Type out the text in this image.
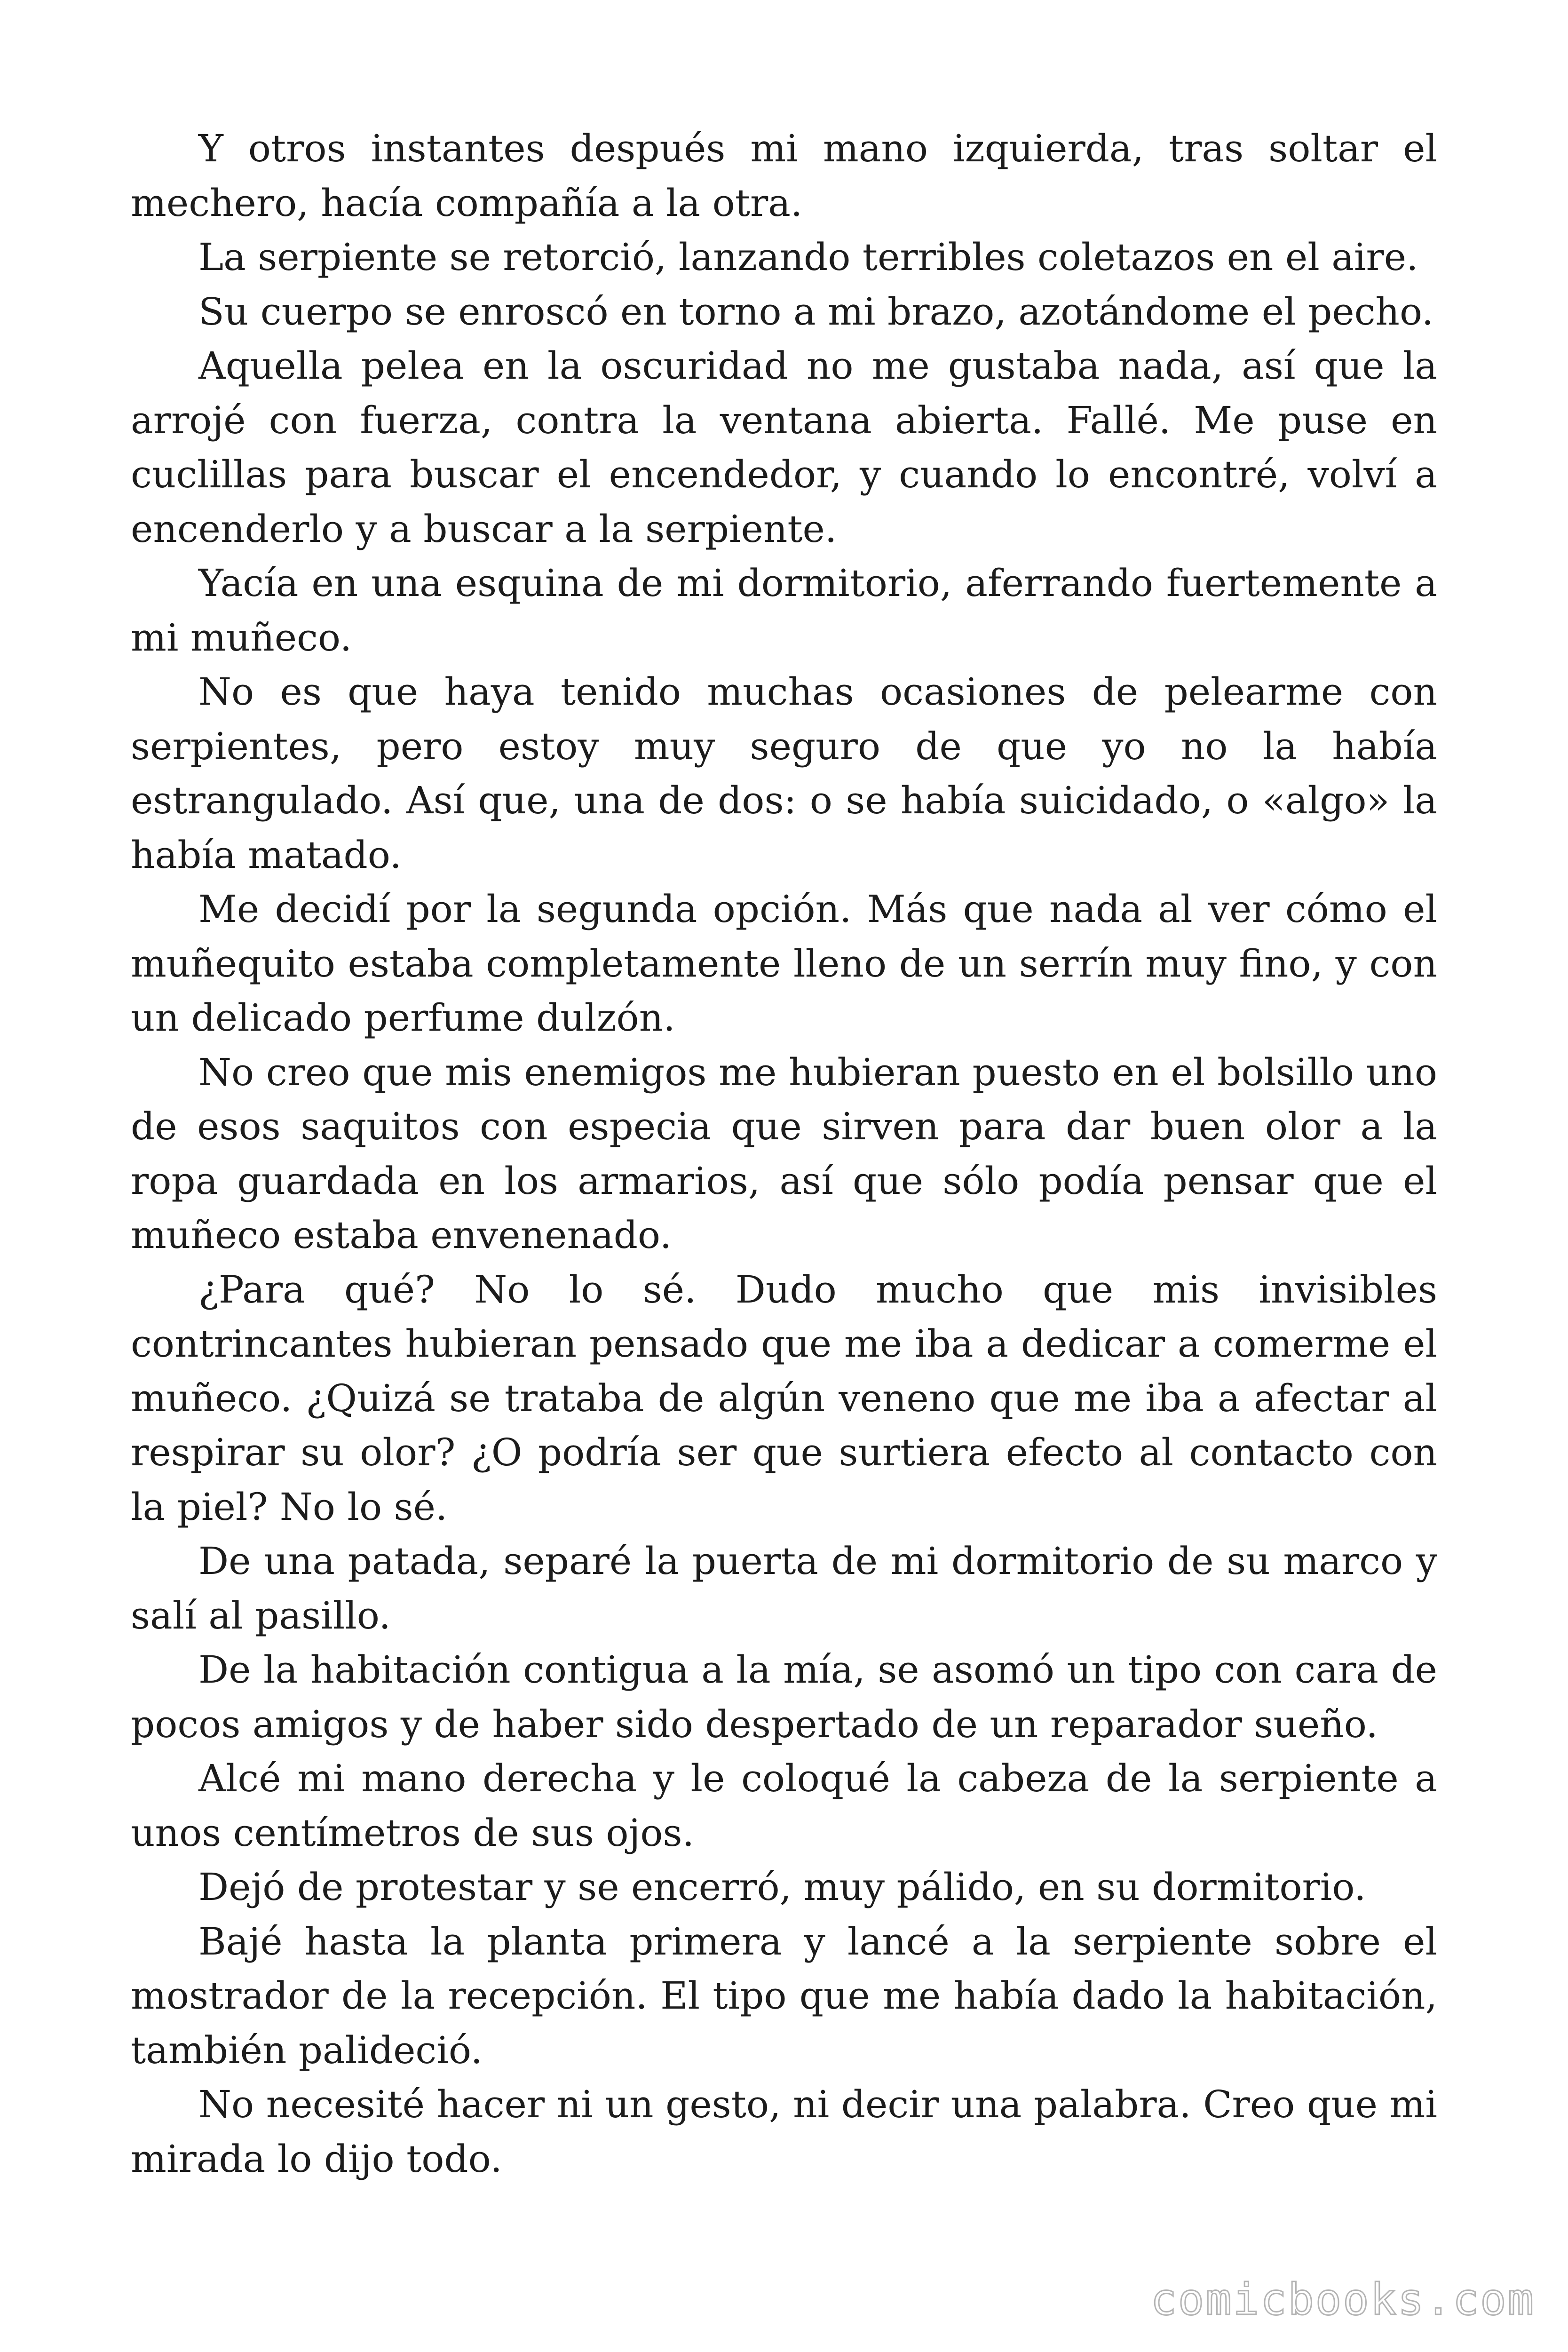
Y otros instantes después mi mano izquierda, tras soltar el mechero, hacía compañía a la otra.

La serpiente se retorció, lanzando terribles coletazos en el aire.

Su cuerpo se enroscó en torno a mi brazo, azotándome el pecho.

Aquella pelea en la oscuridad no me gustaba nada, así que la arrojé con fuerza, contra la ventana abierta. Fallé. Me puse en cuclillas para buscar el encendedor, y cuando lo encontré, volví a encenderlo y a buscar a la serpiente.

Yacía en una esquina de mi dormitorio, aferrando fuertemente a mi muñeco.

No es que haya tenido muchas ocasiones de pelearme con serpientes, pero estoy muy seguro de que yo no la había estrangulado. Así que, una de dos: o se había suicidado, o «algo» la había matado.

Me decidí por la segunda opción. Más que nada al ver cómo el muñequito estaba completamente lleno de un serrín muy fino, y con un delicado perfume dulzón.

No creo que mis enemigos me hubieran puesto en el bolsillo uno de esos saquitos con especia que sirven para dar buen olor a la ropa guardada en los armarios, así que sólo podía pensar que el muñeco estaba envenenado.

¿Para qué? No lo sé. Dudo mucho que mis invisibles contrincantes hubieran pensado que me iba a dedicar a comerme el muñeco. ¿Quizá se trataba de algún veneno que me iba a afectar al respirar su olor? ¿O podría ser que surtiera efecto al contacto con la piel? No lo sé.

De una patada, separé la puerta de mi dormitorio de su marco y salí al pasillo.

De la habitación contigua a la mía, se asomó un tipo con cara de pocos amigos y de haber sido despertado de un reparador sueño.

Alcé mi mano derecha y le coloqué la cabeza de la serpiente a unos centímetros de sus ojos.

Dejó de protestar y se encerró, muy pálido, en su dormitorio.

Bajé hasta la planta primera y lancé a la serpiente sobre el mostrador de la recepción. El tipo que me había dado la habitación, también palideció.

No necesité hacer ni un gesto, ni decir una palabra. Creo que mi mirada lo dijo todo.

comicbooks.com
